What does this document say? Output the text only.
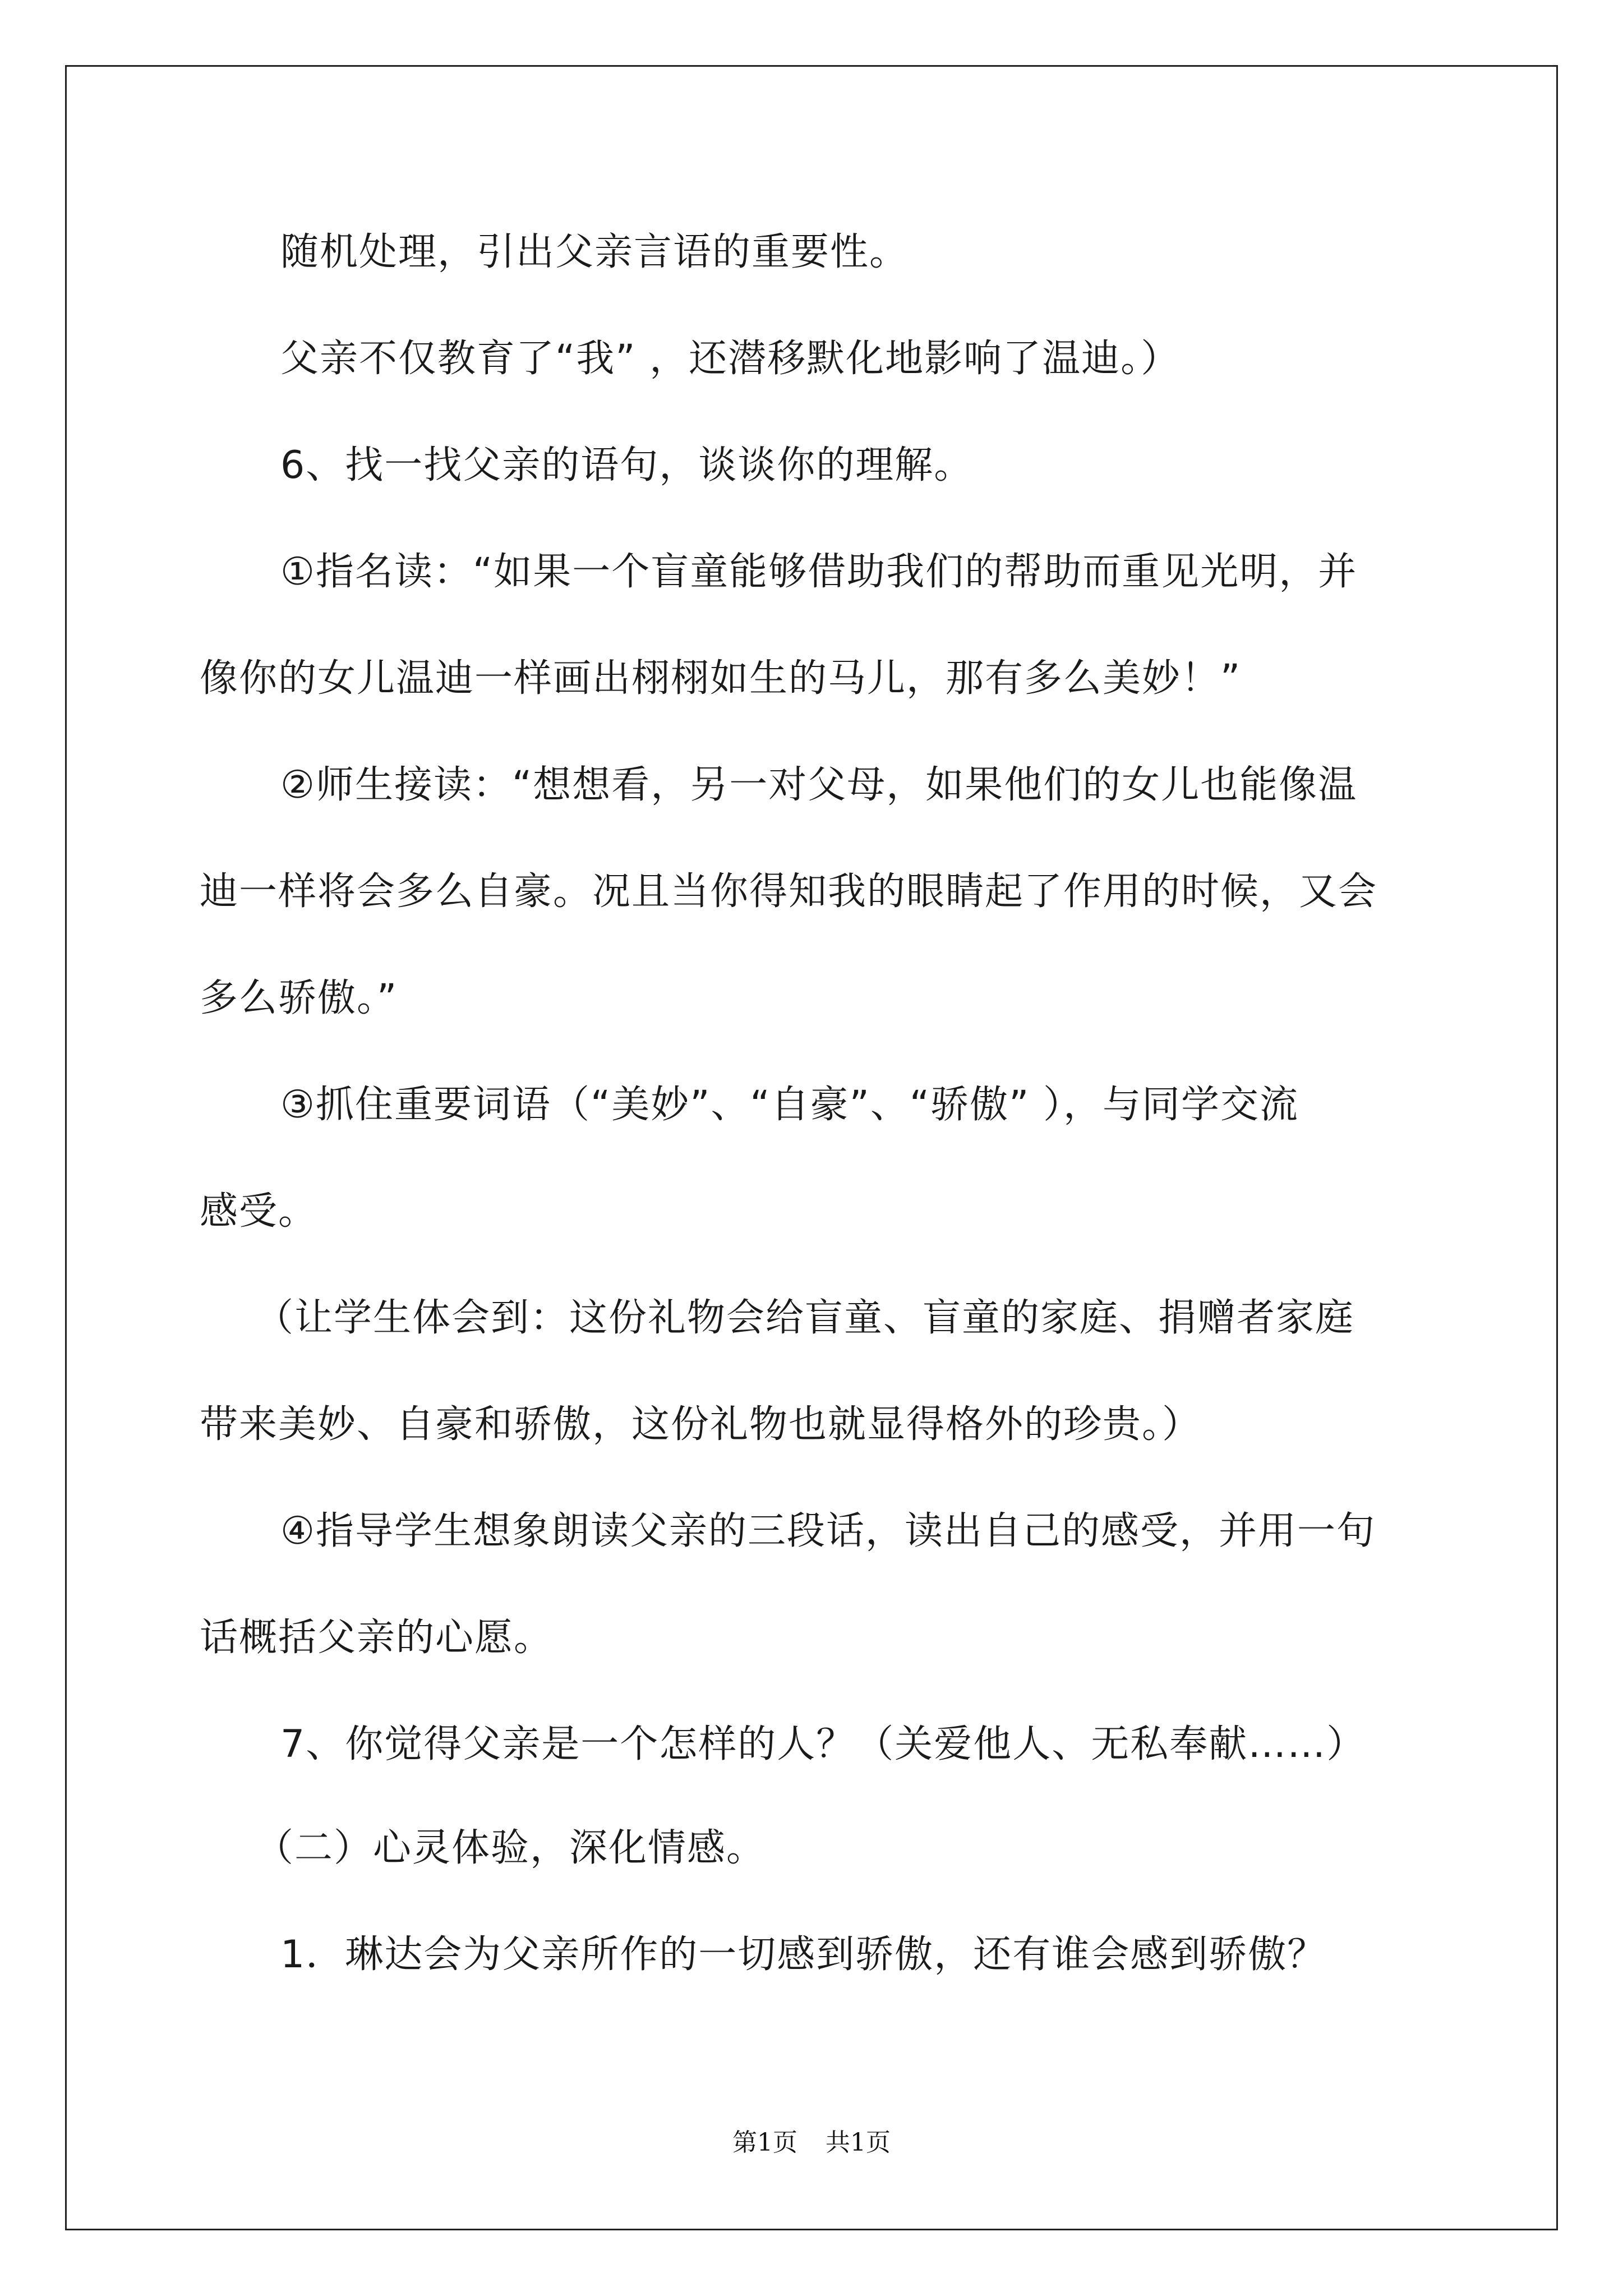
随机处理，引出父亲言语的重要性。
父亲不仅教育了“我” ，还潜移默化地影响了温迪。）
6、找一找父亲的语句，谈谈你的理解。
①指名读：“如果一个盲童能够借助我们的帮助而重见光明，并
像你的女儿温迪一样画出栩栩如生的马儿，那有多么美妙！”
②师生接读：“想想看，另一对父母，如果他们的女儿也能像温
迪一样将会多么自豪。况且当你得知我的眼睛起了作用的时候，又会
多么骄傲。”
③抓住重要词语（“美妙”、“自豪”、“骄傲” ），与同学交流
感受。
（让学生体会到：这份礼物会给盲童、盲童的家庭、捐赠者家庭
带来美妙、自豪和骄傲，这份礼物也就显得格外的珍贵。）
④指导学生想象朗读父亲的三段话，读出自己的感受，并用一句
话概括父亲的心愿。
7、你觉得父亲是一个怎样的人？（关爱他人、无私奉献……）
（二）心灵体验，深化情感。
1．琳达会为父亲所作的一切感到骄傲，还有谁会感到骄傲？
第1页 共1页
